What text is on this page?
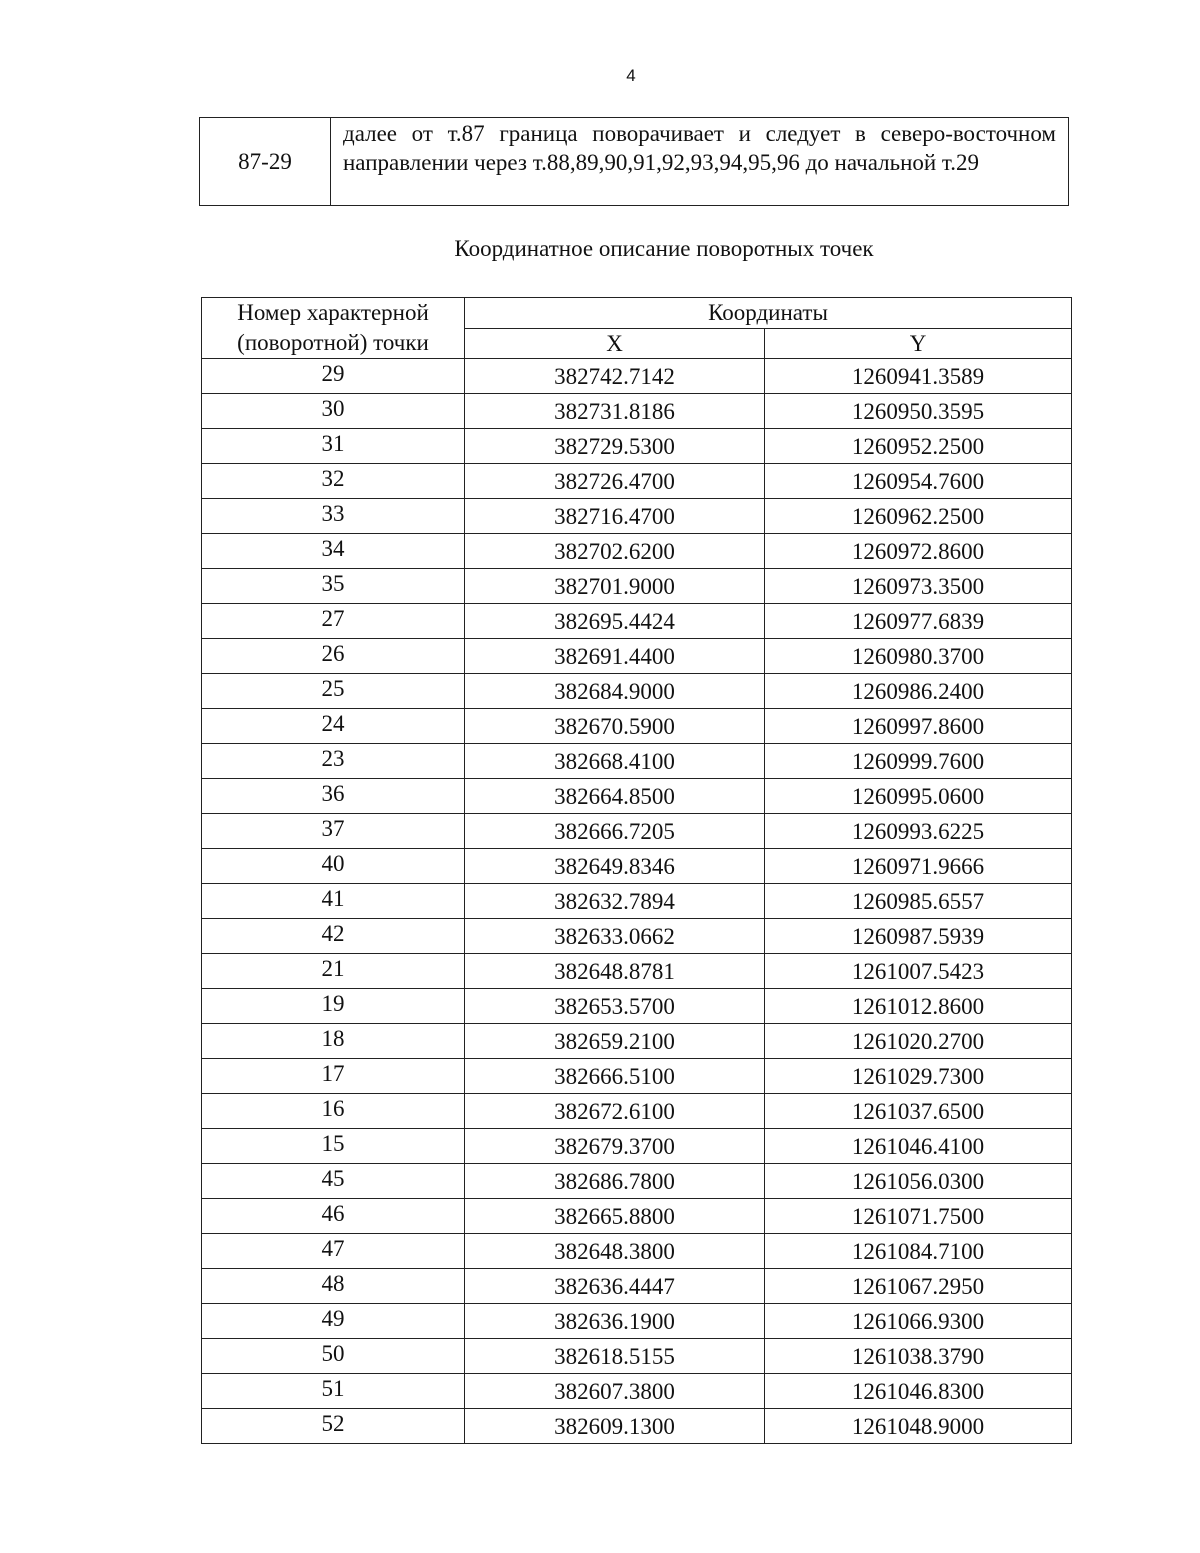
4
87-29	далее от т.87 граница поворачивает и следует в северо-восточном направлении через т.88,89,90,91,92,93,94,95,96 до начальной т.29
Координатное описание поворотных точек
Номер характерной (поворотной) точки	Координаты	
	X	Y
29	382742.7142	1260941.3589
30	382731.8186	1260950.3595
31	382729.5300	1260952.2500
32	382726.4700	1260954.7600
33	382716.4700	1260962.2500
34	382702.6200	1260972.8600
35	382701.9000	1260973.3500
27	382695.4424	1260977.6839
26	382691.4400	1260980.3700
25	382684.9000	1260986.2400
24	382670.5900	1260997.8600
23	382668.4100	1260999.7600
36	382664.8500	1260995.0600
37	382666.7205	1260993.6225
40	382649.8346	1260971.9666
41	382632.7894	1260985.6557
42	382633.0662	1260987.5939
21	382648.8781	1261007.5423
19	382653.5700	1261012.8600
18	382659.2100	1261020.2700
17	382666.5100	1261029.7300
16	382672.6100	1261037.6500
15	382679.3700	1261046.4100
45	382686.7800	1261056.0300
46	382665.8800	1261071.7500
47	382648.3800	1261084.7100
48	382636.4447	1261067.2950
49	382636.1900	1261066.9300
50	382618.5155	1261038.3790
51	382607.3800	1261046.8300
52	382609.1300	1261048.9000
